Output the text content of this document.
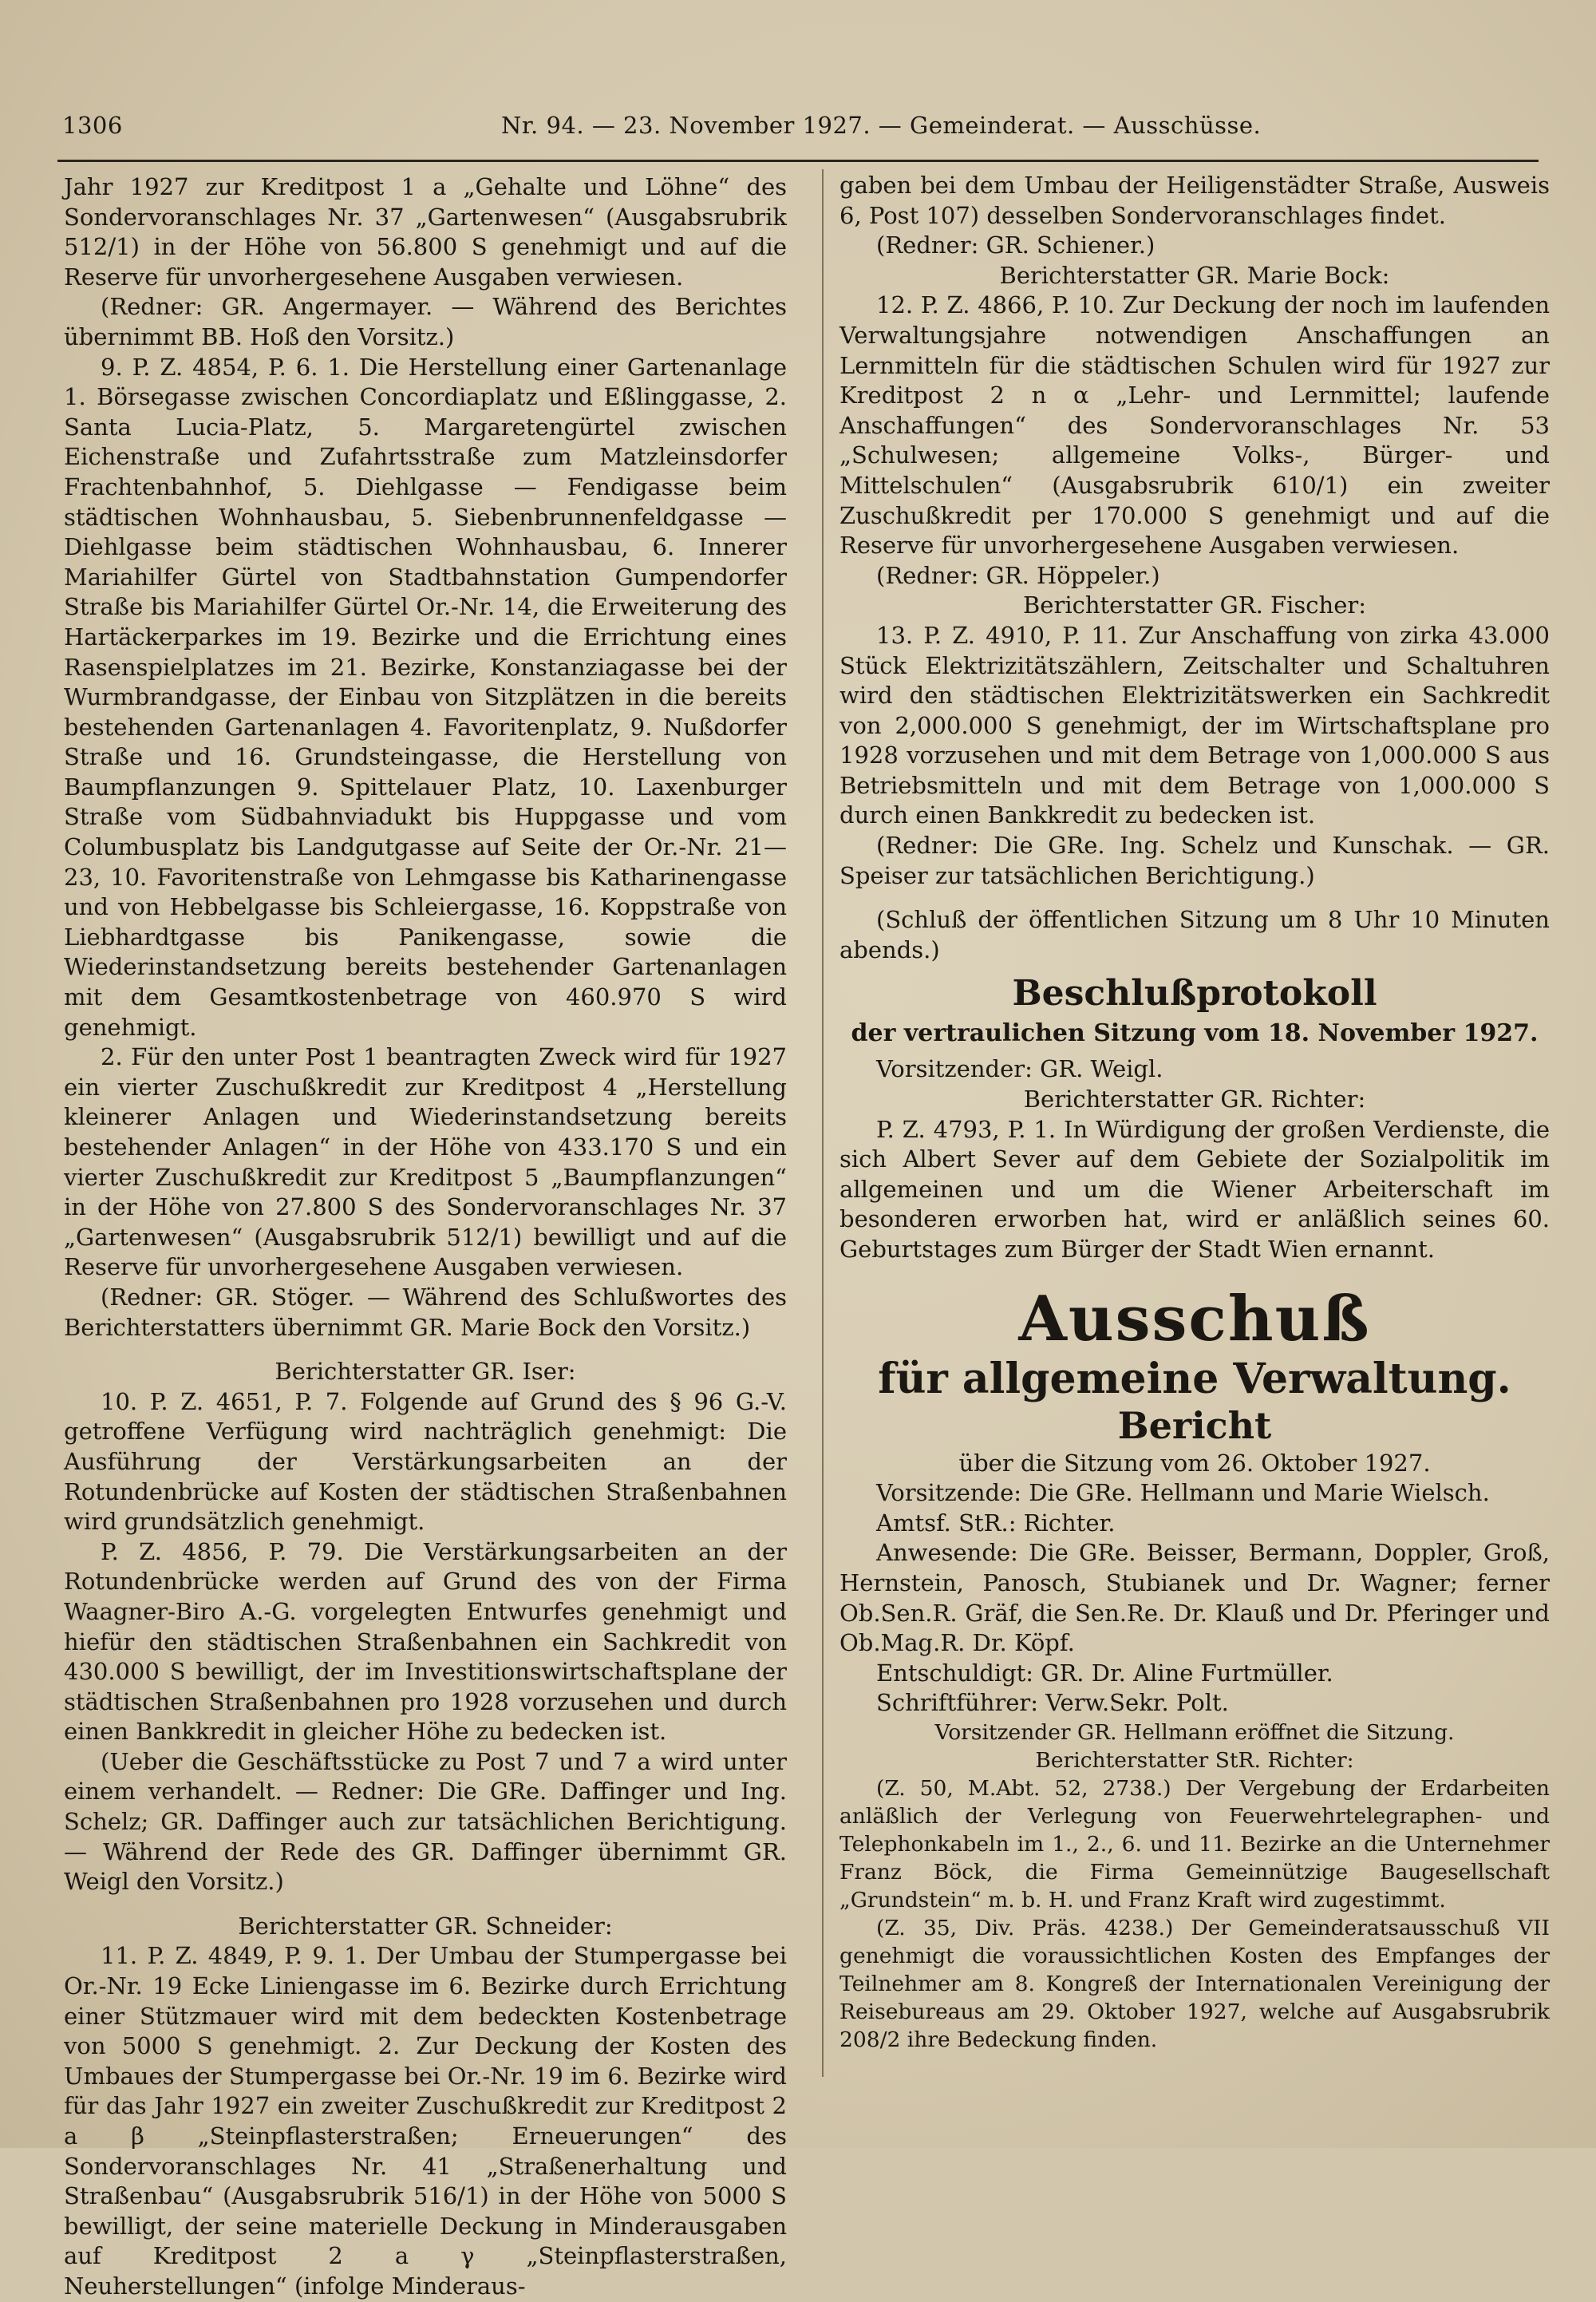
1306	Nr. 94. — 23. November 1927. — Gemeinderat. — Ausschüsse.

Jahr 1927 zur Kreditpost 1 a „Gehalte und Löhne“ des Sondervoranschlages Nr. 37 „Gartenwesen“ (Ausgabsrubrik 512/1) in der Höhe von 56.800 S genehmigt und auf die Reserve für unvorhergesehene Ausgaben verwiesen.

(Redner: GR. Angermayer. — Während des Berichtes übernimmt BB. Hoß den Vorsitz.)

9. P. Z. 4854, P. 6. 1. Die Herstellung einer Gartenanlage 1. Börsegasse zwischen Concordiaplatz und Eßlinggasse, 2. Santa Lucia-Platz, 5. Margaretengürtel zwischen Eichenstraße und Zufahrtsstraße zum Matzleinsdorfer Frachtenbahnhof, 5. Diehlgasse — Fendigasse beim städtischen Wohnhausbau, 5. Siebenbrunnenfeldgasse — Diehlgasse beim städtischen Wohnhausbau, 6. Innerer Mariahilfer Gürtel von Stadtbahnstation Gumpendorfer Straße bis Mariahilfer Gürtel Or.-Nr. 14, die Erweiterung des Hartäckerparkes im 19. Bezirke und die Errichtung eines Rasenspielplatzes im 21. Bezirke, Konstanziagasse bei der Wurmbrandgasse, der Einbau von Sitzplätzen in die bereits bestehenden Gartenanlagen 4. Favoritenplatz, 9. Nußdorfer Straße und 16. Grundsteingasse, die Herstellung von Baumpflanzungen 9. Spittelauer Platz, 10. Laxenburger Straße vom Südbahnviadukt bis Huppgasse und vom Columbusplatz bis Landgutgasse auf Seite der Or.-Nr. 21—23, 10. Favoritenstraße von Lehmgasse bis Katharinengasse und von Hebbelgasse bis Schleiergasse, 16. Koppstraße von Liebhardtgasse bis Panikengasse, sowie die Wiederinstandsetzung bereits bestehender Gartenanlagen mit dem Gesamtkostenbetrage von 460.970 S wird genehmigt.

2. Für den unter Post 1 beantragten Zweck wird für 1927 ein vierter Zuschußkredit zur Kreditpost 4 „Herstellung kleinerer Anlagen und Wiederinstandsetzung bereits bestehender Anlagen“ in der Höhe von 433.170 S und ein vierter Zuschußkredit zur Kreditpost 5 „Baumpflanzungen“ in der Höhe von 27.800 S des Sondervoranschlages Nr. 37 „Gartenwesen“ (Ausgabsrubrik 512/1) bewilligt und auf die Reserve für unvorhergesehene Ausgaben verwiesen.

(Redner: GR. Stöger. — Während des Schlußwortes des Berichterstatters übernimmt GR. Marie Bock den Vorsitz.)

Berichterstatter GR. Iser:

10. P. Z. 4651, P. 7. Folgende auf Grund des § 96 G.-V. getroffene Verfügung wird nachträglich genehmigt: Die Ausführung der Verstärkungsarbeiten an der Rotundenbrücke auf Kosten der städtischen Straßenbahnen wird grundsätzlich genehmigt.

P. Z. 4856, P. 79. Die Verstärkungsarbeiten an der Rotundenbrücke werden auf Grund des von der Firma Waagner-Biro A.-G. vorgelegten Entwurfes genehmigt und hiefür den städtischen Straßenbahnen ein Sachkredit von 430.000 S bewilligt, der im Investitionswirtschaftsplane der städtischen Straßenbahnen pro 1928 vorzusehen und durch einen Bankkredit in gleicher Höhe zu bedecken ist.

(Ueber die Geschäftsstücke zu Post 7 und 7 a wird unter einem verhandelt. — Redner: Die GRe. Daffinger und Ing. Schelz; GR. Daffinger auch zur tatsächlichen Berichtigung. — Während der Rede des GR. Daffinger übernimmt GR. Weigl den Vorsitz.)

Berichterstatter GR. Schneider:

11. P. Z. 4849, P. 9. 1. Der Umbau der Stumpergasse bei Or.-Nr. 19 Ecke Liniengasse im 6. Bezirke durch Errichtung einer Stützmauer wird mit dem bedeckten Kostenbetrage von 5000 S genehmigt. 2. Zur Deckung der Kosten des Umbaues der Stumpergasse bei Or.-Nr. 19 im 6. Bezirke wird für das Jahr 1927 ein zweiter Zuschußkredit zur Kreditpost 2 a β „Steinpflasterstraßen; Erneuerungen“ des Sondervoranschlages Nr. 41 „Straßenerhaltung und Straßenbau“ (Ausgabsrubrik 516/1) in der Höhe von 5000 S bewilligt, der seine materielle Deckung in Minderausgaben auf Kreditpost 2 a γ „Steinpflasterstraßen, Neuherstellungen“ (infolge Minderaus-

gaben bei dem Umbau der Heiligenstädter Straße, Ausweis 6, Post 107) desselben Sondervoranschlages findet.

(Redner: GR. Schiener.)

Berichterstatter GR. Marie Bock:

12. P. Z. 4866, P. 10. Zur Deckung der noch im laufenden Verwaltungsjahre notwendigen Anschaffungen an Lernmitteln für die städtischen Schulen wird für 1927 zur Kreditpost 2 n α „Lehr- und Lernmittel; laufende Anschaffungen“ des Sondervoranschlages Nr. 53 „Schulwesen; allgemeine Volks-, Bürger- und Mittelschulen“ (Ausgabsrubrik 610/1) ein zweiter Zuschußkredit per 170.000 S genehmigt und auf die Reserve für unvorhergesehene Ausgaben verwiesen.

(Redner: GR. Höppeler.)

Berichterstatter GR. Fischer:

13. P. Z. 4910, P. 11. Zur Anschaffung von zirka 43.000 Stück Elektrizitätszählern, Zeitschalter und Schaltuhren wird den städtischen Elektrizitätswerken ein Sachkredit von 2,000.000 S genehmigt, der im Wirtschaftsplane pro 1928 vorzusehen und mit dem Betrage von 1,000.000 S aus Betriebsmitteln und mit dem Betrage von 1,000.000 S durch einen Bankkredit zu bedecken ist.

(Redner: Die GRe. Ing. Schelz und Kunschak. — GR. Speiser zur tatsächlichen Berichtigung.)

(Schluß der öffentlichen Sitzung um 8 Uhr 10 Minuten abends.)

Beschlußprotokoll
der vertraulichen Sitzung vom 18. November 1927.

Vorsitzender: GR. Weigl.

Berichterstatter GR. Richter:

P. Z. 4793, P. 1. In Würdigung der großen Verdienste, die sich Albert Sever auf dem Gebiete der Sozialpolitik im allgemeinen und um die Wiener Arbeiterschaft im besonderen erworben hat, wird er anläßlich seines 60. Geburtstages zum Bürger der Stadt Wien ernannt.

Ausschuß
für allgemeine Verwaltung.
Bericht

über die Sitzung vom 26. Oktober 1927.

Vorsitzende: Die GRe. Hellmann und Marie Wielsch.

Amtsf. StR.: Richter.

Anwesende: Die GRe. Beisser, Bermann, Doppler, Groß, Hernstein, Panosch, Stubianek und Dr. Wagner; ferner Ob.Sen.R. Gräf, die Sen.Re. Dr. Klauß und Dr. Pferinger und Ob.Mag.R. Dr. Köpf.

Entschuldigt: GR. Dr. Aline Furtmüller.

Schriftführer: Verw.Sekr. Polt.

Vorsitzender GR. Hellmann eröffnet die Sitzung.

Berichterstatter StR. Richter:

(Z. 50, M.Abt. 52, 2738.) Der Vergebung der Erdarbeiten anläßlich der Verlegung von Feuerwehrtelegraphen- und Telephonkabeln im 1., 2., 6. und 11. Bezirke an die Unternehmer Franz Böck, die Firma Gemeinnützige Baugesellschaft „Grundstein“ m. b. H. und Franz Kraft wird zugestimmt.

(Z. 35, Div. Präs. 4238.) Der Gemeinderatsausschuß VII genehmigt die voraussichtlichen Kosten des Empfanges der Teilnehmer am 8. Kongreß der Internationalen Vereinigung der Reisebureaus am 29. Oktober 1927, welche auf Ausgabsrubrik 208/2 ihre Bedeckung finden.
